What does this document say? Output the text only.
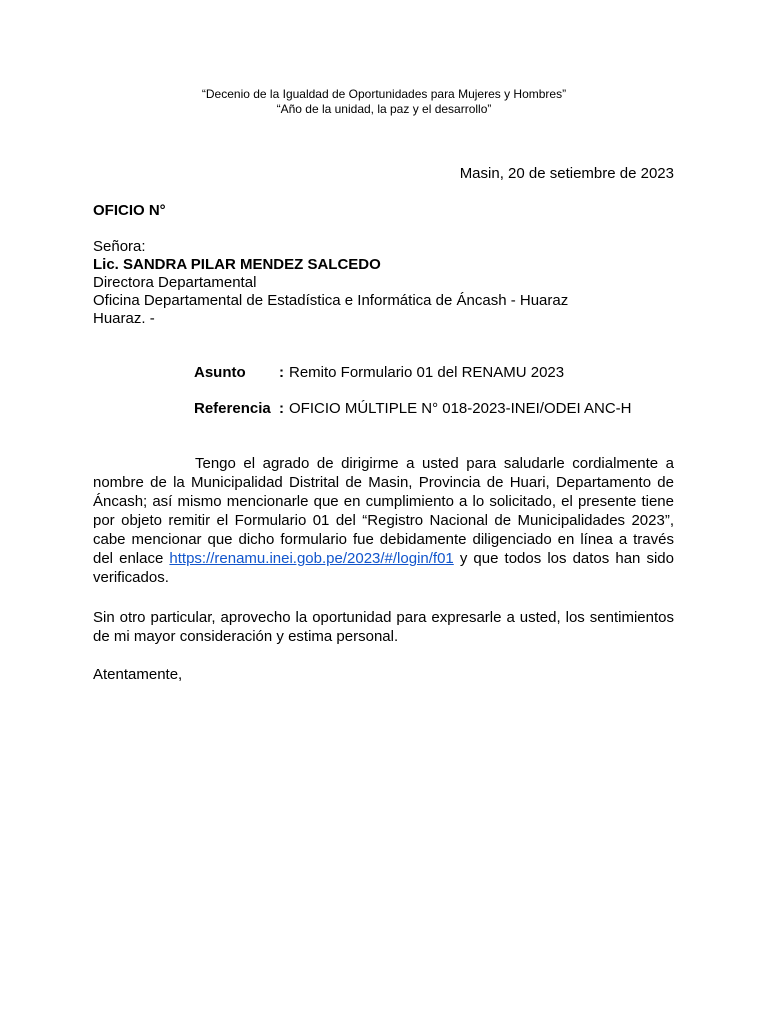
“Decenio de la Igualdad de Oportunidades para Mujeres y Hombres”
“Año de la unidad, la paz y el desarrollo”
Masin, 20 de setiembre de 2023
OFICIO N°
Señora:
Lic. SANDRA PILAR MENDEZ SALCEDO
Directora Departamental
Oficina Departamental de Estadística e Informática de Áncash - Huaraz
Huaraz. -
Asunto : Remito Formulario 01 del RENAMU 2023
Referencia : OFICIO MÚLTIPLE N° 018-2023-INEI/ODEI ANC-H
Tengo el agrado de dirigirme a usted para saludarle cordialmente a nombre de la Municipalidad Distrital de Masin, Provincia de Huari, Departamento de Áncash; así mismo mencionarle que en cumplimiento a lo solicitado, el presente tiene por objeto remitir el Formulario 01 del “Registro Nacional de Municipalidades 2023”, cabe mencionar que dicho formulario fue debidamente diligenciado en línea a través del enlace https://renamu.inei.gob.pe/2023/#/login/f01 y que todos los datos han sido verificados.
Sin otro particular, aprovecho la oportunidad para expresarle a usted, los sentimientos de mi mayor consideración y estima personal.
Atentamente,
